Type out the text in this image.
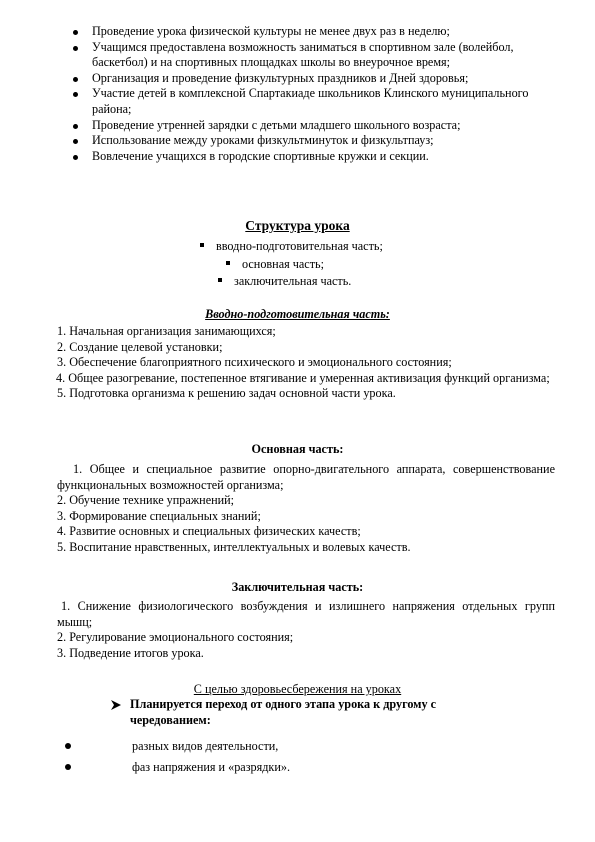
Проведение урока физической культуры не менее двух раз в неделю;
Учащимся предоставлена возможность заниматься в спортивном зале (волейбол, баскетбол) и на спортивных площадках школы во внеурочное время;
Организация и проведение физкультурных праздников и Дней здоровья;
Участие детей в комплексной Спартакиаде школьников Клинского муниципального района;
Проведение утренней зарядки с детьми младшего школьного возраста;
Использование между уроками физкультминуток и физкультпауз;
Вовлечение учащихся в городские спортивные кружки и секции.
Структура урока
вводно-подготовительная часть;
основная часть;
заключительная часть.
Вводно-подготовительная часть:

1. Начальная организация занимающихся;

2. Создание целевой установки;

3. Обеспечение благоприятного психического и эмоционального состояния;

4. Общее разогревание, постепенное втягивание и умеренная активизация функций организма;

5. Подготовка организма к решению задач основной части урока.

Основная часть:

1. Общее и специальное развитие опорно-двигательного аппарата, совершенствование функциональных возможностей организма;

2. Обучение технике упражнений;

3. Формирование специальных знаний;

4. Развитие основных и специальных физических качеств;

5. Воспитание нравственных, интеллектуальных и волевых качеств.

Заключительная часть:

1. Снижение физиологического возбуждения и излишнего напряжения отдельных групп мышц;

2. Регулирование эмоционального состояния;

3. Подведение итогов урока.

С целью здоровьесбережения на уроках
Планируется переход от одного этапа урока к другому с чередованием:
разных видов деятельности,
фаз напряжения и «разрядки».
